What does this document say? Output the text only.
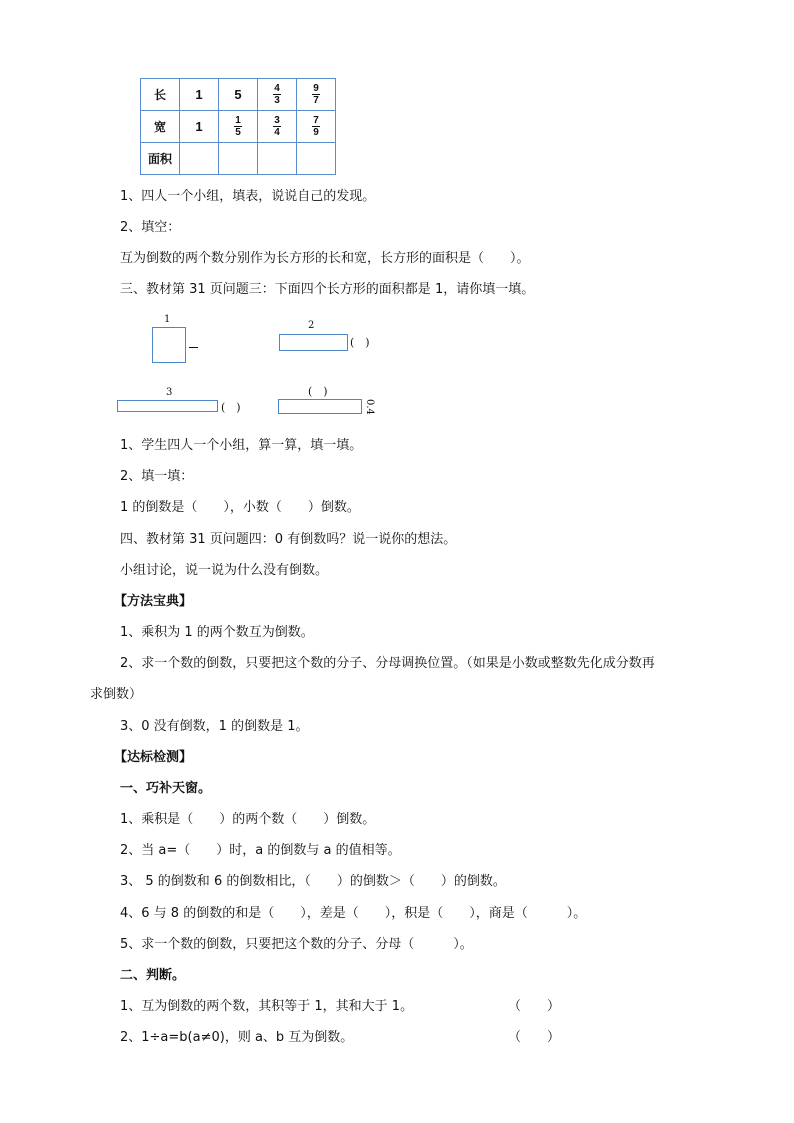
长	1	5	$\frac{4}{3}$	$\frac{9}{7}$

宽	1	$\frac{1}{5}$	$\frac{3}{4}$	$\frac{7}{9}$

面积				
1、四人一个小组，填表，说说自己的发现。
2、填空：
互为倒数的两个数分别作为长方形的长和宽，长方形的面积是（　　）。
三、教材第 31 页问题三：下面四个长方形的面积都是 1，请你填一填。
1
2
(　)
3
(　)
(　)
0.4
1、学生四人一个小组，算一算，填一填。
2、填一填：
1 的倒数是（　　），小数（　　）倒数。
四、教材第 31 页问题四：0 有倒数吗？说一说你的想法。
小组讨论，说一说为什么没有倒数。
【方法宝典】
1、乘积为 1 的两个数互为倒数。
2、求一个数的倒数，只要把这个数的分子、分母调换位置。（如果是小数或整数先化成分数再
求倒数）
3、0 没有倒数，1 的倒数是 1。
【达标检测】
一、巧补天窗。
1、乘积是（　　）的两个数（　　）倒数。
2、当 a=（　　）时，a 的倒数与 a 的值相等。
3、 5 的倒数和 6 的倒数相比，（　　）的倒数＞（　　）的倒数。
4、6 与 8 的倒数的和是（　　），差是（　　），积是（　　），商是（　　　）。
5、求一个数的倒数，只要把这个数的分子、分母（　　　）。
二、判断。
1、互为倒数的两个数，其积等于 1，其和大于 1。	（　　）
2、1÷a=b(a≠0)，则 a、b 互为倒数。	（　　）
